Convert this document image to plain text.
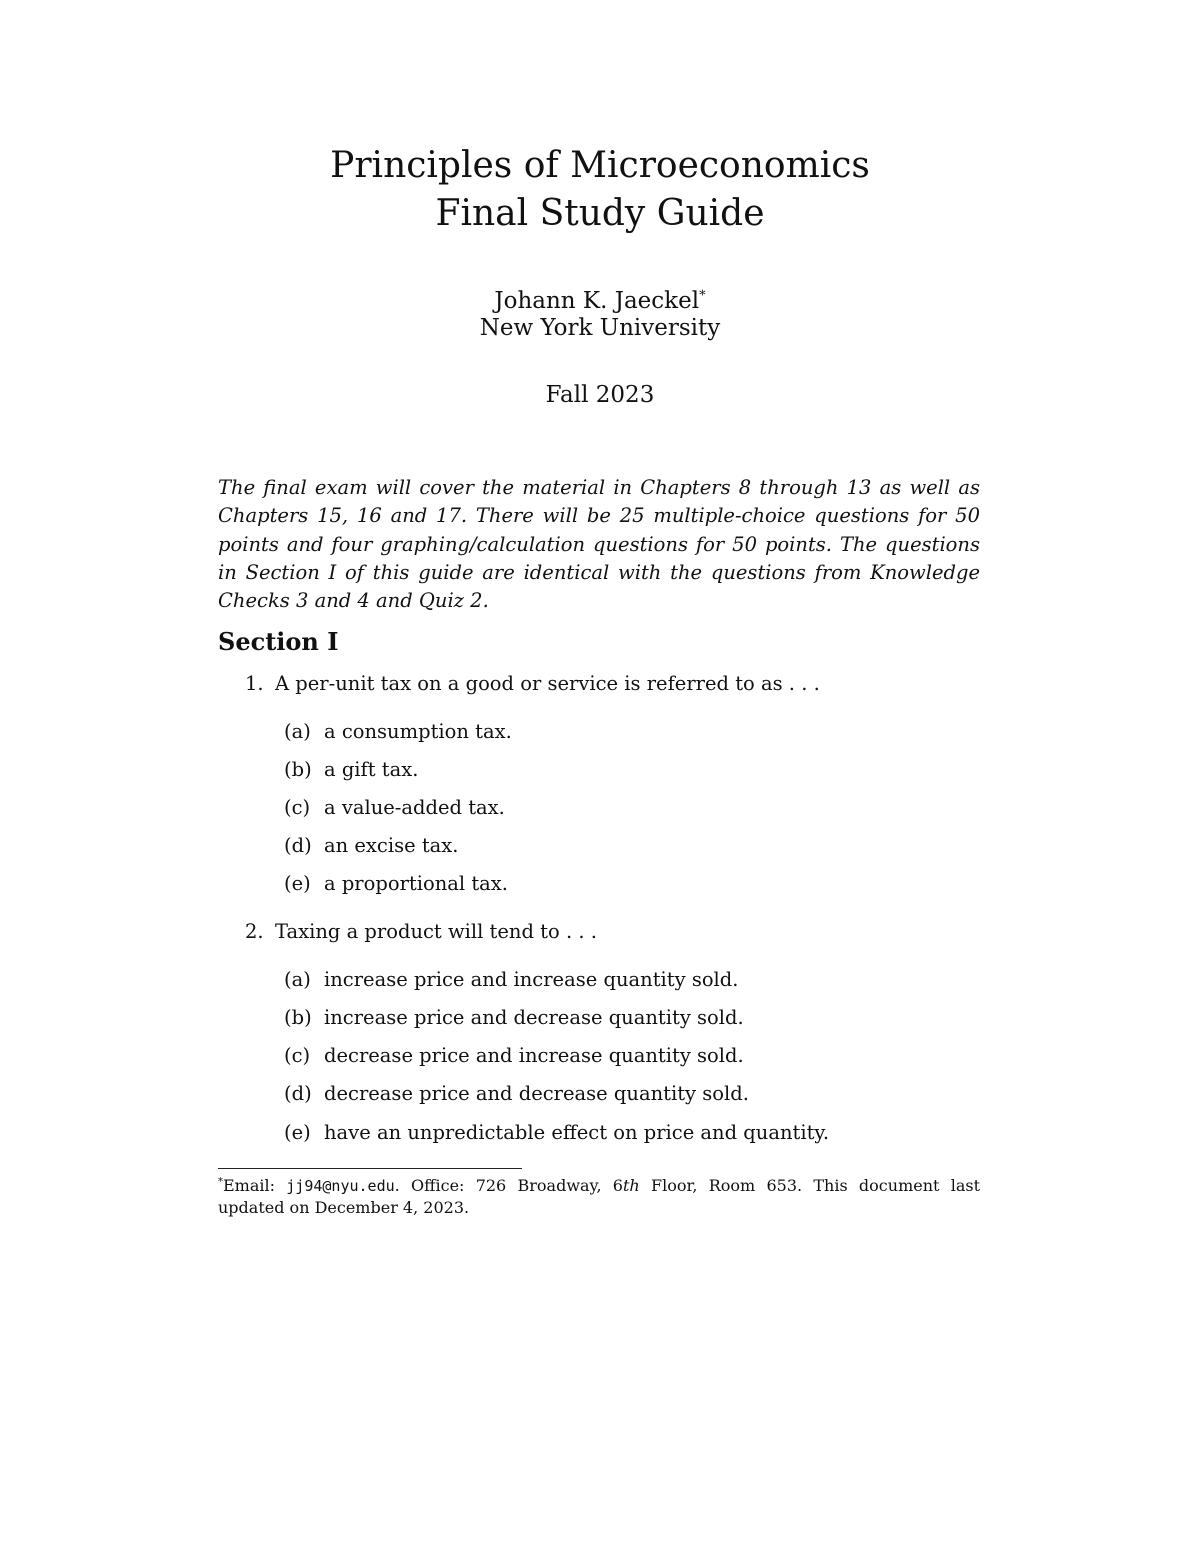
Principles of Microeconomics
Final Study Guide
Johann K. Jaeckel*
New York University
Fall 2023
The final exam will cover the material in Chapters 8 through 13 as well as Chapters 15, 16 and 17. There will be 25 multiple-choice questions for 50 points and four graphing/calculation questions for 50 points. The questions in Section I of this guide are identical with the questions from Knowledge Checks 3 and 4 and Quiz 2.
Section I
1. A per-unit tax on a good or service is referred to as . . .
(a) a consumption tax.
(b) a gift tax.
(c) a value-added tax.
(d) an excise tax.
(e) a proportional tax.
2. Taxing a product will tend to . . .
(a) increase price and increase quantity sold.
(b) increase price and decrease quantity sold.
(c) decrease price and increase quantity sold.
(d) decrease price and decrease quantity sold.
(e) have an unpredictable effect on price and quantity.
*Email: jj94@nyu.edu. Office: 726 Broadway, 6th Floor, Room 653. This document last updated on December 4, 2023.
